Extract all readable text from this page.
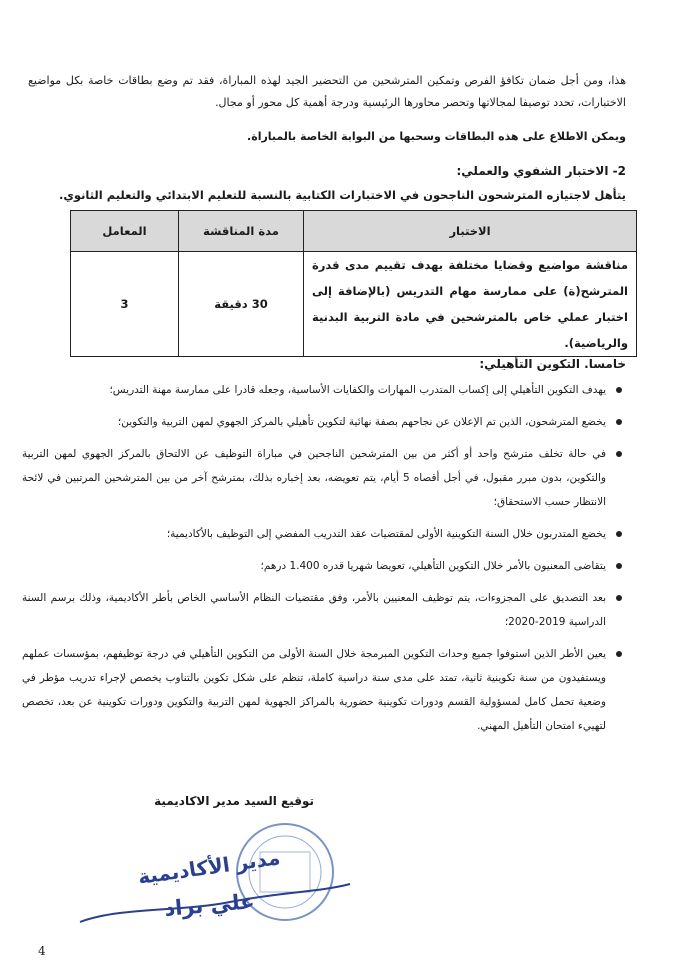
هذا، ومن أجل ضمان تكافؤ الفرص وتمكين المترشحين من التحضير الجيد لهذه المباراة، فقد تم وضع بطاقات خاصة بكل مواضيع الاختبارات، تحدد توصيفا لمجالاتها وتحصر محاورها الرئيسية ودرجة أهمية كل محور أو مجال.

ويمكن الاطلاع على هذه البطاقات وسحبها من البوابة الخاصة بالمباراة.

2- الاختبار الشفوي والعملي:

يتأهل لاجتيازه المترشحون الناجحون في الاختبارات الكتابية بالنسبة للتعليم الابتدائي والتعليم الثانوي.

الاختبار	مدة المناقشة	المعامل
مناقشة مواضيع وقضايا مختلفة بهدف تقييم مدى قدرة المترشح(ة) على ممارسة مهام التدريس (بالإضافة إلى اختبار عملي خاص بالمترشحين في مادة التربية البدنية والرياضية).	30 دقيقة	3

خامسا. التكوين التأهيلي:

يهدف التكوين التأهيلي إلى إكساب المتدرب المهارات والكفايات الأساسية، وجعله قادرا على ممارسة مهنة التدريس؛
يخضع المترشحون، الذين تم الإعلان عن نجاحهم بصفة نهائية لتكوين تأهيلي بالمركز الجهوي لمهن التربية والتكوين؛
في حالة تخلف مترشح واحد أو أكثر من بين المترشحين الناجحين في مباراة التوظيف عن الالتحاق بالمركز الجهوي لمهن التربية والتكوين، بدون مبرر مقبول، في أجل أقصاه 5 أيام، يتم تعويضه، بعد إخباره بذلك، بمترشح آخر من بين المترشحين المرتبين في لائحة الانتظار حسب الاستحقاق؛
يخضع المتدربون خلال السنة التكوينية الأولى لمقتضيات عقد التدريب المفضي إلى التوظيف بالأكاديمية؛
يتقاضى المعنيون بالأمر خلال التكوين التأهيلي، تعويضا شهريا قدره 1.400 درهم؛
بعد التصديق على المجزوءات، يتم توظيف المعنيين بالأمر، وفق مقتضيات النظام الأساسي الخاص بأطر الأكاديمية، وذلك برسم السنة الدراسية 2019-2020؛
يعين الأطر الذين استوفوا جميع وحدات التكوين المبرمجة خلال السنة الأولى من التكوين التأهيلي في درجة توظيفهم، بمؤسسات عملهم ويستفيدون من سنة تكوينية ثانية، تمتد على مدى سنة دراسية كاملة، تنظم على شكل تكوين بالتناوب يخصص لإجراء تدريب مؤطر في وضعية تحمل كامل لمسؤولية القسم ودورات تكوينية حضورية بالمراكز الجهوية لمهن التربية والتكوين ودورات تكوينية عن بعد، تخصص لتهييء امتحان التأهيل المهني.

توقيع السيد مدير الاكاديمية

مدير الأكاديمية
علي براد

4
